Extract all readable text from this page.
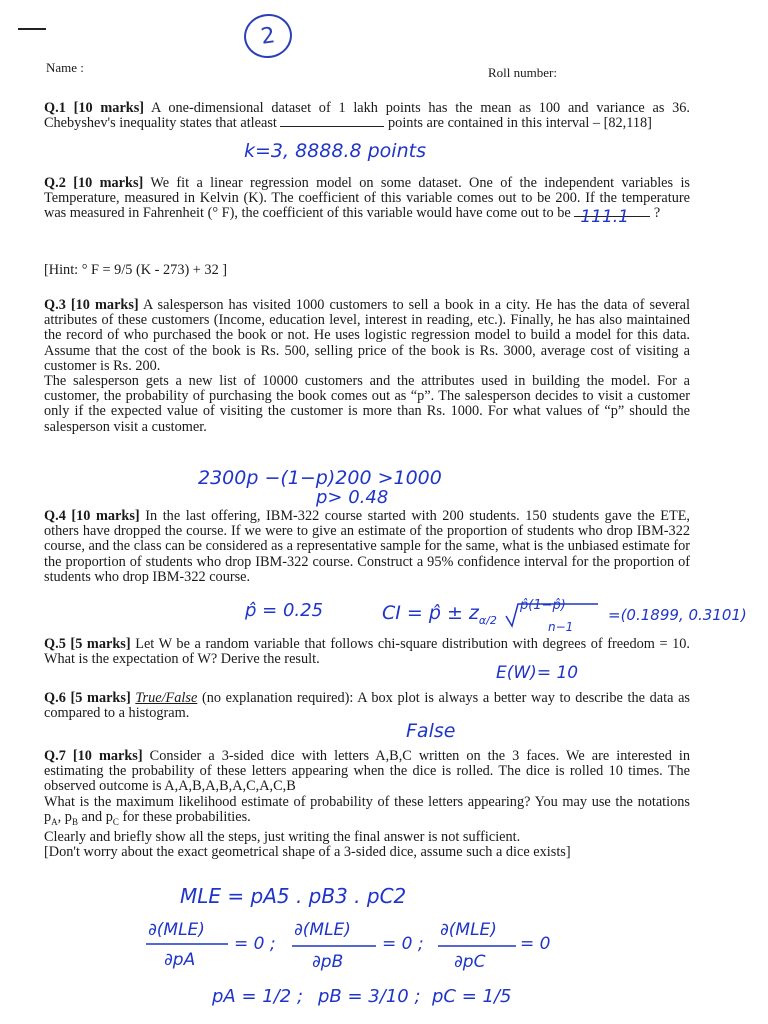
2
Name :	Roll number:
Q.1 [10 marks] A one-dimensional dataset of 1 lakh points has the mean as 100 and variance as 36. Chebyshev's inequality states that atleast	points are contained in this interval – [82,118]
k=3, 8888.8 points
Q.2 [10 marks] We fit a linear regression model on some dataset. One of the independent variables is Temperature, measured in Kelvin (K). The coefficient of this variable comes out to be 200. If the temperature was measured in Fahrenheit (° F), the coefficient of this variable would have come out to be 111.1 ?
[Hint: ° F = 9/5 (K - 273) + 32 ]
Q.3 [10 marks] A salesperson has visited 1000 customers to sell a book in a city. He has the data of several attributes of these customers (Income, education level, interest in reading, etc.). Finally, he has also maintained the record of who purchased the book or not. He uses logistic regression model to build a model for this data. Assume that the cost of the book is Rs. 500, selling price of the book is Rs. 3000, average cost of visiting a customer is Rs. 200.
The salesperson gets a new list of 10000 customers and the attributes used in building the model. For a customer, the probability of purchasing the book comes out as “p”. The salesperson decides to visit a customer only if the expected value of visiting the customer is more than Rs. 1000. For what values of “p” should the salesperson visit a customer.
2300p −(1−p)200 >1000
p> 0.48
Q.4 [10 marks] In the last offering, IBM-322 course started with 200 students. 150 students gave the ETE, others have dropped the course. If we were to give an estimate of the proportion of students who drop IBM-322 course, and the class can be considered as a representative sample for the same, what is the unbiased estimate for the proportion of students who drop IBM-322 course. Construct a 95% confidence interval for the proportion of students who drop IBM-322 course.
p̂ = 0.25	CI = p̂ ± $z_{\alpha/2}$
p̂(1−p̂)
n−1
=(0.1899, 0.3101)
Q.5 [5 marks] Let W be a random variable that follows chi-square distribution with degrees of freedom = 10. What is the expectation of W? Derive the result.
E(W)= 10
Q.6 [5 marks] True/False (no explanation required): A box plot is always a better way to describe the data as compared to a histogram.
False
Q.7 [10 marks] Consider a 3-sided dice with letters A,B,C written on the 3 faces. We are interested in estimating the probability of these letters appearing when the dice is rolled. The dice is rolled 10 times. The observed outcome is A,A,B,A,B,A,C,A,C,B
What is the maximum likelihood estimate of probability of these letters appearing? You may use the notations $p_A$, $p_B$ and $p_C$ for these probabilities.
Clearly and briefly show all the steps, just writing the final answer is not sufficient.
[Don't worry about the exact geometrical shape of a 3-sided dice, assume such a dice exists]
MLE = pA5 . pB3 . pC2
∂(MLE)
∂pA
= 0 ;
∂(MLE)
∂pB
= 0 ;
∂(MLE)
∂pC
= 0
pA = 1/2 ; pB = 3/10 ; pC = 1/5
